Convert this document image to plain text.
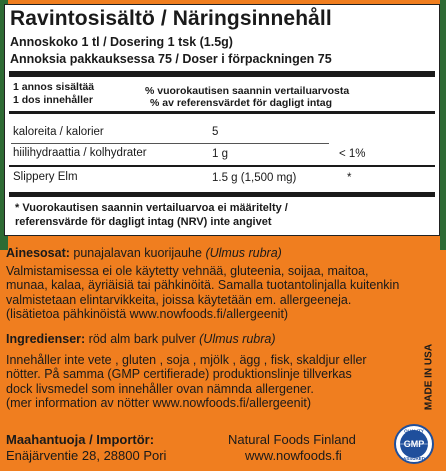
Ravintosisältö / Näringsinnehåll
Annoskoko 1 tl / Dosering 1 tsk (1.5g)
Annoksia pakkauksessa 75 / Doser i förpackningen 75
1 annos sisältää
1 dos innehåller
% vuorokautisen saannin vertailuarvosta
% av referensvärdet för dagligt intag
kaloreita / kalorier	5
hiilihydraattia / kolhydrater	1 g	< 1%
Slippery Elm	1.5 g (1,500 mg)	*
* Vuorokautisen saannin vertailuarvoa ei määritelty /
referensvärde för dagligt intag (NRV) inte angivet
Ainesosat: punajalavan kuorijauhe (Ulmus rubra)
Valmistamisessa ei ole käytetty vehnää, gluteenia, soijaa, maitoa,
munaa, kalaa, äyriäisiä tai pähkinöitä. Samalla tuotantolinjalla kuitenkin
valmistetaan elintarvikkeita, joissa käytetään em. allergeeneja.
(lisätietoa pähkinöistä www.nowfoods.fi/allergeenit)
Ingredienser: röd alm bark pulver (Ulmus rubra)
Innehåller inte vete , gluten , soja , mjölk , ägg , fisk, skaldjur eller
nötter. På samma (GMP certifierade) produktionslinje tillverkas
dock livsmedel som innehåller ovan nämnda allergener.
(mer information av nötter www.nowfoods.fi/allergeenit)
Maahantuoja / Importör:
Enäjärventie 28, 28800 Pori
Natural Foods Finland
www.nowfoods.fi
MADE IN USA
QUALITY
GMP
ASSURED
